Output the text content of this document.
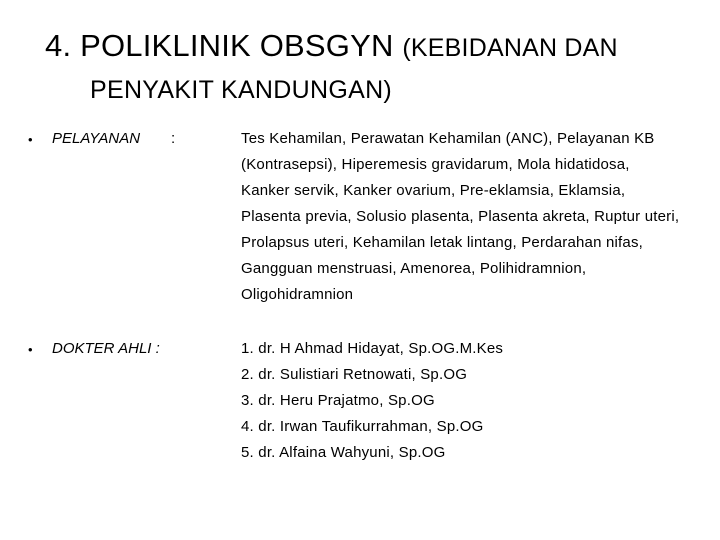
4. POLIKLINIK OBSGYN (KEBIDANAN DAN
PENYAKIT KANDUNGAN)
• PELAYANAN :	Tes Kehamilan, Perawatan Kehamilan (ANC), Pelayanan KB (Kontrasepsi), Hiperemesis gravidarum, Mola hidatidosa, Kanker servik, Kanker ovarium, Pre-eklamsia, Eklamsia, Plasenta previa, Solusio plasenta, Plasenta akreta, Ruptur uteri, Prolapsus uteri, Kehamilan letak lintang, Perdarahan nifas, Gangguan menstruasi, Amenorea, Polihidramnion, Oligohidramnion
• DOKTER AHLI :	1. dr. H Ahmad Hidayat, Sp.OG.M.Kes
2. dr. Sulistiari Retnowati, Sp.OG
3. dr. Heru Prajatmo, Sp.OG
4. dr. Irwan Taufikurrahman, Sp.OG
5. dr. Alfaina Wahyuni, Sp.OG
